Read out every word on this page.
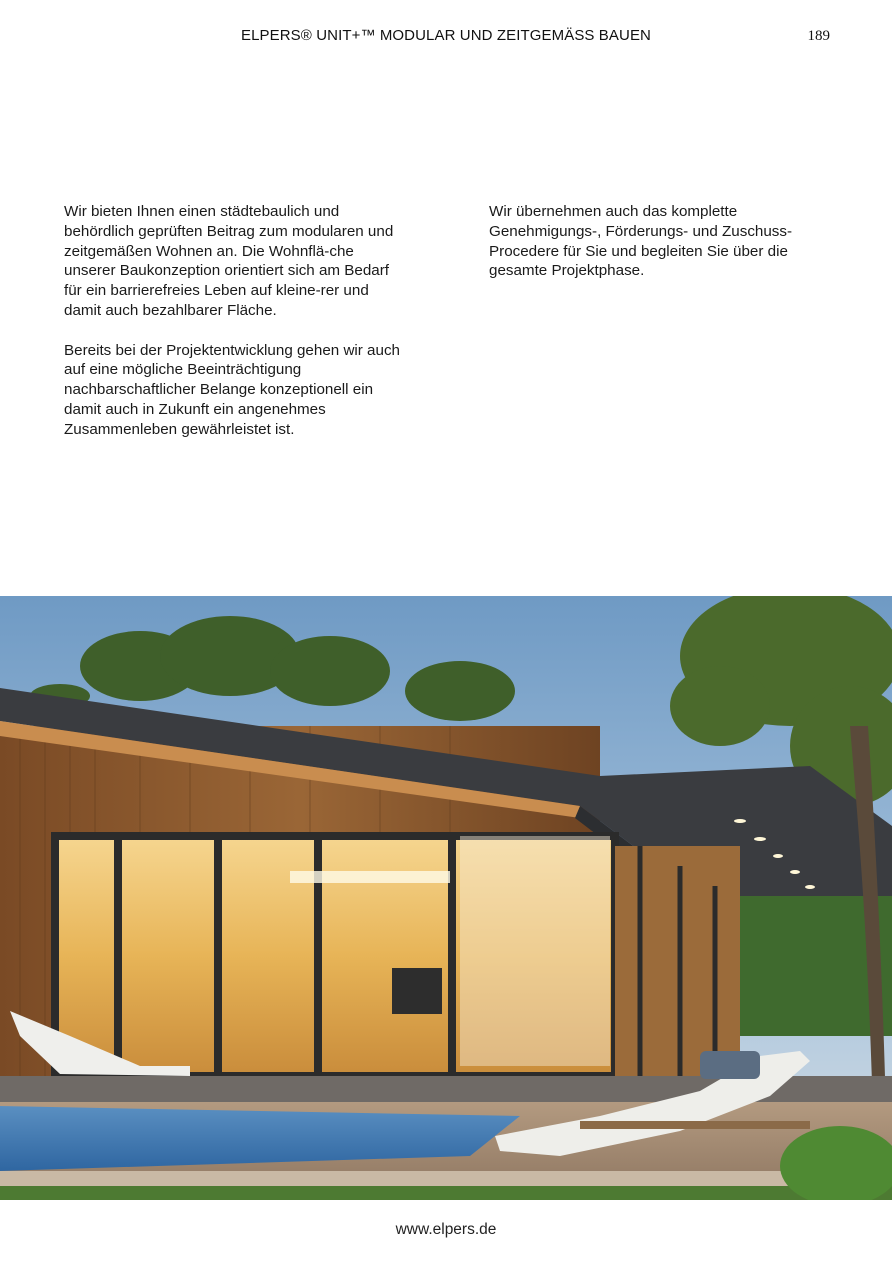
ELPERS® UNIT+™ MODULAR UND ZEITGEMÄSS BAUEN	189

Wir bieten Ihnen einen städtebaulich und behördlich geprüften Beitrag zum modularen und zeitgemäßen Wohnen an. Die Wohnflä-che unserer Baukonzeption orientiert sich am Bedarf für ein barrierefreies Leben auf kleine-rer und damit auch bezahlbarer Fläche.

Bereits bei der Projektentwicklung gehen wir auch auf eine mögliche Beeinträchtigung nachbarschaftlicher Belange konzeptionell ein damit auch in Zukunft ein angenehmes Zusammenleben gewährleistet ist.

Wir übernehmen auch das komplette Genehmigungs-, Förderungs- und Zuschuss-Procedere für Sie und begleiten Sie über die gesamte Projektphase.

www.elpers.de
